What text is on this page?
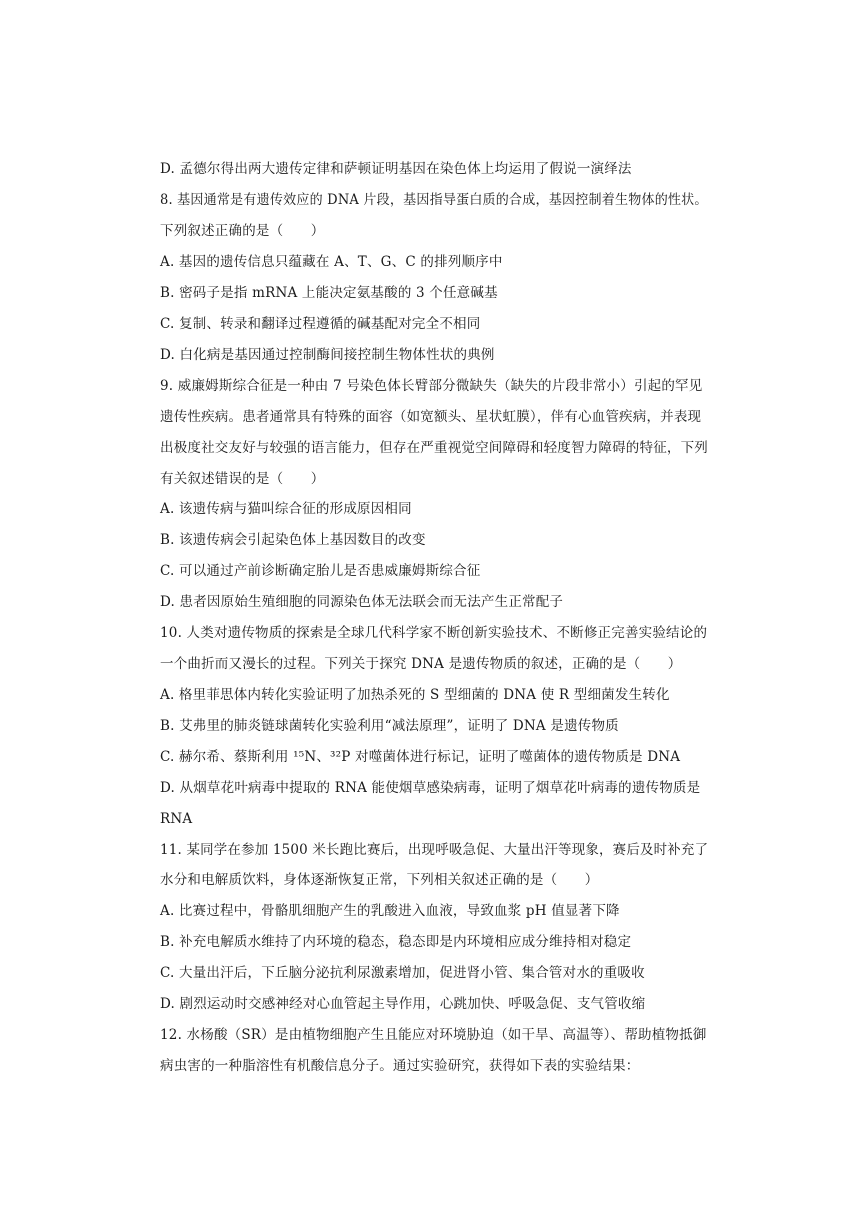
D. 孟德尔得出两大遗传定律和萨顿证明基因在染色体上均运用了假说一演绎法
8. 基因通常是有遗传效应的 DNA 片段，基因指导蛋白质的合成，基因控制着生物体的性状。
下列叙述正确的是（　　）
A. 基因的遗传信息只蕴藏在 A、T、G、C 的排列顺序中
B. 密码子是指 mRNA 上能决定氨基酸的 3 个任意碱基
C. 复制、转录和翻译过程遵循的碱基配对完全不相同
D. 白化病是基因通过控制酶间接控制生物体性状的典例
9. 威廉姆斯综合征是一种由 7 号染色体长臂部分微缺失（缺失的片段非常小）引起的罕见
遗传性疾病。患者通常具有特殊的面容（如宽额头、星状虹膜），伴有心血管疾病，并表现
出极度社交友好与较强的语言能力，但存在严重视觉空间障碍和轻度智力障碍的特征，下列
有关叙述错误的是（　　）
A. 该遗传病与猫叫综合征的形成原因相同
B. 该遗传病会引起染色体上基因数目的改变
C. 可以通过产前诊断确定胎儿是否患威廉姆斯综合征
D. 患者因原始生殖细胞的同源染色体无法联会而无法产生正常配子
10. 人类对遗传物质的探索是全球几代科学家不断创新实验技术、不断修正完善实验结论的
一个曲折而又漫长的过程。下列关于探究 DNA 是遗传物质的叙述，正确的是（　　）
A. 格里菲思体内转化实验证明了加热杀死的 S 型细菌的 DNA 使 R 型细菌发生转化
B. 艾弗里的肺炎链球菌转化实验利用“减法原理”，证明了 DNA 是遗传物质
C. 赫尔希、蔡斯利用 ¹⁵N、³²P 对噬菌体进行标记，证明了噬菌体的遗传物质是 DNA
D. 从烟草花叶病毒中提取的 RNA 能使烟草感染病毒，证明了烟草花叶病毒的遗传物质是
RNA
11. 某同学在参加 1500 米长跑比赛后，出现呼吸急促、大量出汗等现象，赛后及时补充了
水分和电解质饮料，身体逐渐恢复正常，下列相关叙述正确的是（　　）
A. 比赛过程中，骨骼肌细胞产生的乳酸进入血液，导致血浆 pH 值显著下降
B. 补充电解质水维持了内环境的稳态，稳态即是内环境相应成分维持相对稳定
C. 大量出汗后，下丘脑分泌抗利尿激素增加，促进肾小管、集合管对水的重吸收
D. 剧烈运动时交感神经对心血管起主导作用，心跳加快、呼吸急促、支气管收缩
12. 水杨酸（SR）是由植物细胞产生且能应对环境胁迫（如干旱、高温等）、帮助植物抵御
病虫害的一种脂溶性有机酸信息分子。通过实验研究，获得如下表的实验结果：
